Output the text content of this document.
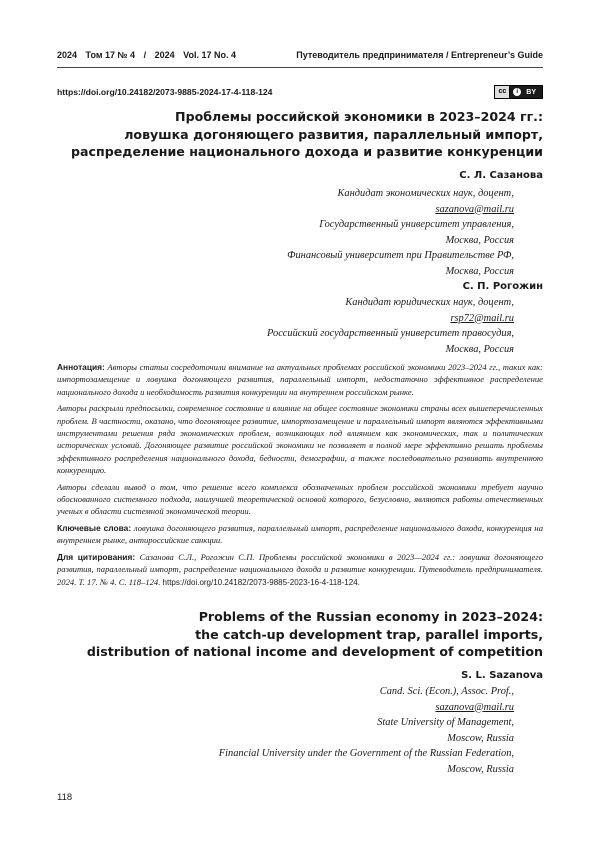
2024 Том 17 № 4 / 2024 Vol. 17 No. 4	Путеводитель предпринимателя / Entrepreneur’s Guide
https://doi.org/10.24182/2073-9885-2024-17-4-118-124	cc	i	BY
Проблемы российской экономики в 2023–2024 гг.:
ловушка догоняющего развития, параллельный импорт,
распределение национального дохода и развитие конкуренции
С. Л. Сазанова
Кандидат экономических наук, доцент,
sazanova@mail.ru
Государственный университет управления,
Москва, Россия
Финансовый университет при Правительстве РФ,
Москва, Россия
С. П. Рогожин
Кандидат юридических наук, доцент,
rsp72@mail.ru
Российский государственный университет правосудия,
Москва, Россия

Аннотация: Авторы статьи сосредоточили внимание на актуальных проблемах российской экономики 2023–2024 гг., таких как: импортозамещение и ловушка догоняющего развития, параллельный импорт, недостаточно эффективное распределение национального дохода и необходимость развития конкуренции на внутреннем российском рынке.

Авторы раскрыли предпосылки, современное состояние и влияние на общее состояние экономики страны всех вышеперечисленных проблем. В частности, оказано, что догоняющее развитие, импортозамещение и параллельный импорт являются эффективными инструментами решения ряда экономических проблем, возникающих под влиянием как экономических, так и политических исторических условий. Догоняющее развитие российской экономики не позволяет в полной мере эффективно решать проблемы эффективного распределения национального дохода, бедности, демографии, а также последовательно развивать внутреннюю конкуренцию.

Авторы сделали вывод о том, что решение всего комплекса обозначенных проблем российской экономики требует научно обоснованного системного подхода, наилучшей теоретической основой которого, безусловно, являются работы отечественных ученых в области системной экономической теории.

Ключевые слова: ловушка догоняющего развития, параллельный импорт, распределение национального дохода, конкуренция на внутреннем рынке, антироссийские санкции.

Для цитирования: Сазанова С.Л., Рогожин С.П. Проблемы российской экономики в 2023—2024 гг.: ловушка догоняющего развития, параллельный импорт, распределение национального дохода и развитие конкуренции. Путеводитель предпринимателя. 2024. Т. 17. № 4. С. 118–124. https://doi.org/10.24182/2073-9885-2023-16-4-118-124.

Problems of the Russian economy in 2023–2024:
the catch-up development trap, parallel imports,
distribution of national income and development of competition
S. L. Sazanova
Cand. Sci. (Econ.), Assoc. Prof.,
sazanova@mail.ru
State University of Management,
Moscow, Russia
Financial University under the Government of the Russian Federation,
Moscow, Russia
118
